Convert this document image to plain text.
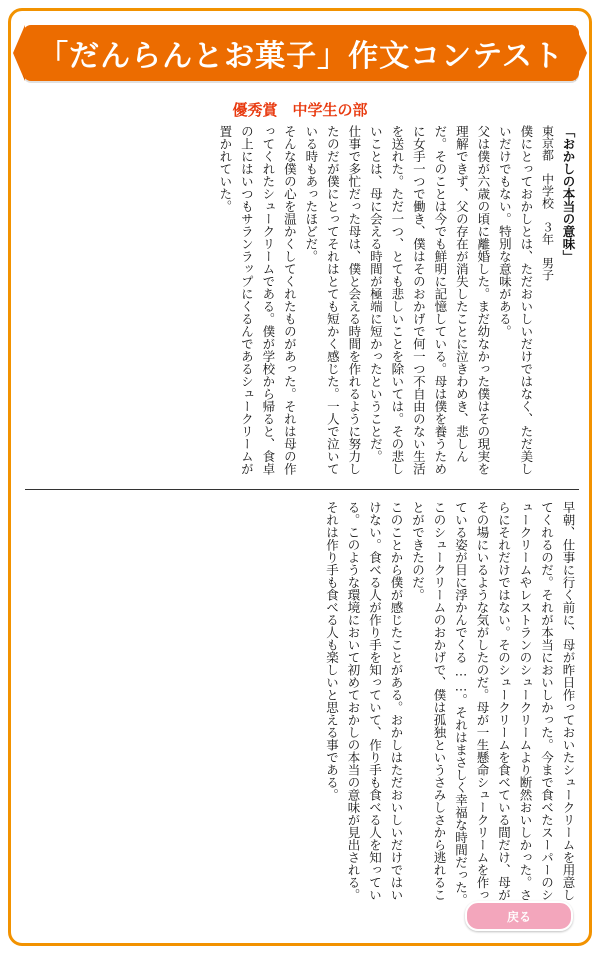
「だんらんとお菓子」作文コンテスト
優秀賞　中学生の部

「おかしの本当の意味」

東京都　中学校　３年　男子

僕にとっておかしとは、ただおいしいだけではなく、ただ美しいだけでもない。特別な意味がある。

父は僕が六歳の頃に離婚した。まだ幼なかった僕はその現実を理解できず、父の存在が消失したことに泣きわめき、悲しんだ。そのことは今でも鮮明に記憶している。母は僕を養うために女手一つで働き、僕はそのおかげで何一つ不自由のない生活を送れた。ただ一つ、とても悲しいことを除いては。その悲しいことは、母に会える時間が極端に短かったということだ。

仕事で多忙だった母は、僕と会える時間を作れるように努力したのだが僕にとってそれはとても短かく感じた。一人で泣いている時もあったほどだ。

そんな僕の心を温かくしてくれたものがあった。それは母の作ってくれたシュークリームである。僕が学校から帰ると、食卓の上にはいつもサランラップにくるんであるシュークリームが置かれていた。

早朝、仕事に行く前に、母が昨日作っておいたシュークリームを用意してくれるのだ。それが本当においしかった。今まで食べたスーパーのシュークリームやレストランのシュークリームより断然おいしかった。さらにそれだけではない。そのシュークリームを食べている間だけ、母がその場にいるような気がしたのだ。母が一生懸命シュークリームを作っている姿が目に浮かんでくる……。それはまさしく幸福な時間だった。このシュークリームのおかげで、僕は孤独というさみしさから逃れることができたのだ。

このことから僕が感じたことがある。おかしはただおいしいだけではいけない。食べる人が作り手を知っていて、作り手も食べる人を知っている。このような環境において初めておかしの本当の意味が見出される。それは作り手も食べる人も楽しいと思える事である。

戻る
